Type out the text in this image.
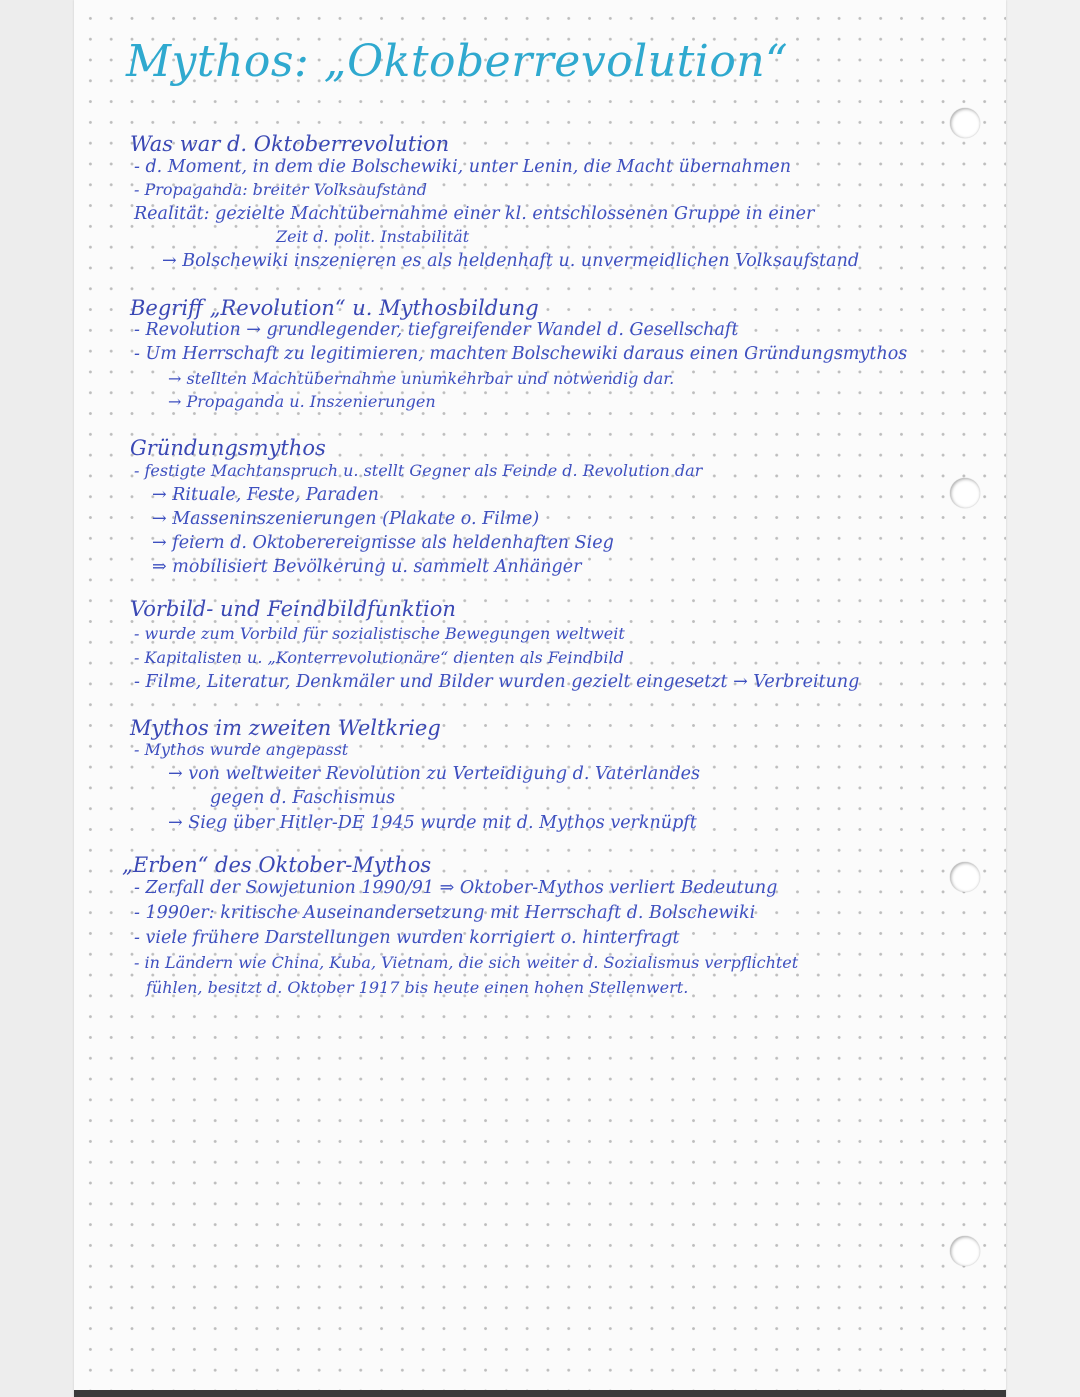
Mythos: „Oktoberrevolution“
Was war d. Oktoberrevolution
- d. Moment, in dem die Bolschewiki, unter Lenin, die Macht übernahmen
- Propaganda: breiter Volksaufstand
Realität: gezielte Machtübernahme einer kl. entschlossenen Gruppe in einer
Zeit d. polit. Instabilität
→ Bolschewiki inszenieren es als heldenhaft u. unvermeidlichen Volksaufstand
Begriff „Revolution“ u. Mythosbildung
- Revolution → grundlegender, tiefgreifender Wandel d. Gesellschaft
- Um Herrschaft zu legitimieren, machten Bolschewiki daraus einen Gründungsmythos
→ stellten Machtübernahme unumkehrbar und notwendig dar.
→ Propaganda u. Inszenierungen
Gründungsmythos
- festigte Machtanspruch u. stellt Gegner als Feinde d. Revolution dar
→ Rituale, Feste, Paraden
→ Masseninszenierungen (Plakate o. Filme)
→ feiern d. Oktoberereignisse als heldenhaften Sieg
⇒ mobilisiert Bevölkerung u. sammelt Anhänger
Vorbild- und Feindbildfunktion
- wurde zum Vorbild für sozialistische Bewegungen weltweit
- Kapitalisten u. „Konterrevolutionäre“ dienten als Feindbild
- Filme, Literatur, Denkmäler und Bilder wurden gezielt eingesetzt → Verbreitung
Mythos im zweiten Weltkrieg
- Mythos wurde angepasst
→ von weltweiter Revolution zu Verteidigung d. Vaterlandes
gegen d. Faschismus
→ Sieg über Hitler-DE 1945 wurde mit d. Mythos verknüpft
„Erben“ des Oktober-Mythos
- Zerfall der Sowjetunion 1990/91 ⇒ Oktober-Mythos verliert Bedeutung
- 1990er: kritische Auseinandersetzung mit Herrschaft d. Bolschewiki
- viele frühere Darstellungen wurden korrigiert o. hinterfragt
- in Ländern wie China, Kuba, Vietnam, die sich weiter d. Sozialismus verpflichtet
fühlen, besitzt d. Oktober 1917 bis heute einen hohen Stellenwert.
